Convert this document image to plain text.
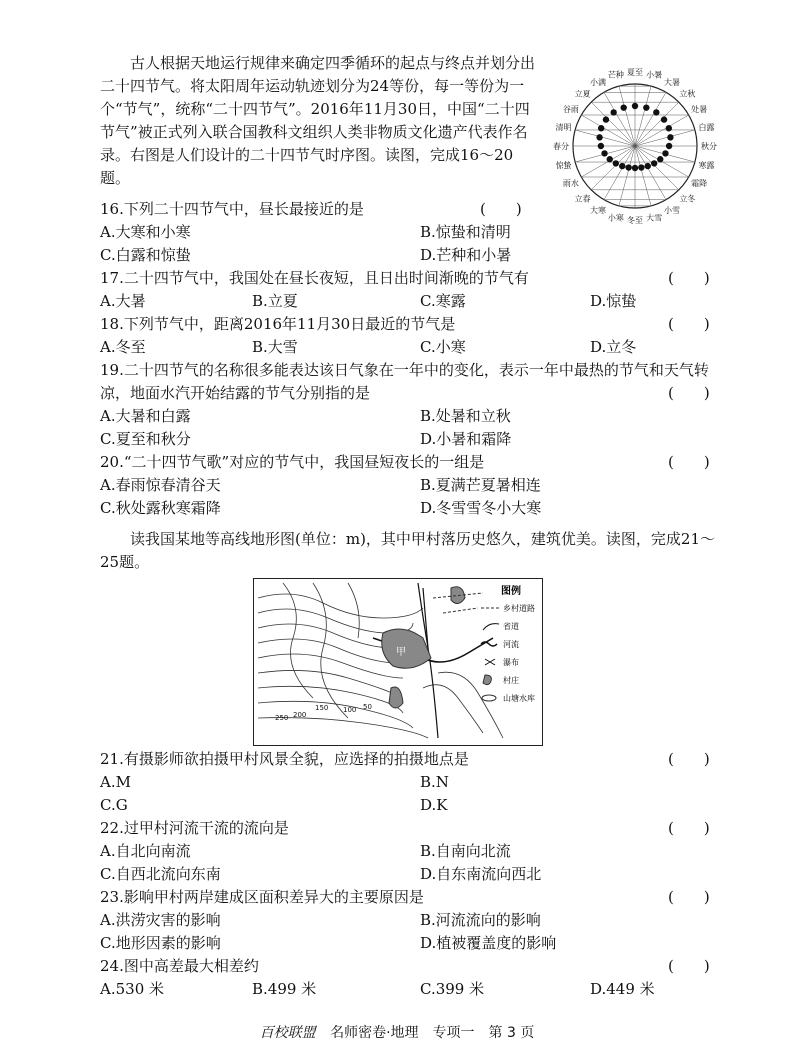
古人根据天地运行规律来确定四季循环的起点与终点并划分出二十四节气。将太阳周年运动轨迹划分为24等份，每一等份为一个“节气”，统称“二十四节气”。2016年11月30日，中国“二十四节气”被正式列入联合国教科文组织人类非物质文化遗产代表作名录。右图是人们设计的二十四节气时序图。读图，完成16～20题。
夏至 小暑
大暑
立秋
处暑
白露
秋分
寒露
霜降
立冬
小雪
大雪
冬至
小寒
大寒
立春
雨水
惊蛰
春分
清明
谷雨
立夏
小满
芒种
16.下列二十四节气中，昼长最接近的是	(　　)
A.大寒和小寒	B.惊蛰和清明
C.白露和惊蛰	D.芒种和小暑
17.二十四节气中，我国处在昼长夜短，且日出时间渐晚的节气有	(　　)
A.大暑	B.立夏	C.寒露	D.惊蛰
18.下列节气中，距离2016年11月30日最近的节气是	(　　)
A.冬至	B.大雪	C.小寒	D.立冬
19.二十四节气的名称很多能表达该日气象在一年中的变化，表示一年中最热的节气和天气转
(　　)
凉，地面水汽开始结露的节气分别指的是
A.大暑和白露	B.处暑和立秋
C.夏至和秋分	D.小暑和霜降
20.“二十四节气歌”对应的节气中，我国昼短夜长的一组是	(　　)
A.春雨惊春清谷天	B.夏满芒夏暑相连
C.秋处露秋寒霜降	D.冬雪雪冬小大寒
读我国某地等高线地形图(单位：m)，其中甲村落历史悠久，建筑优美。读图，完成21～
25题。
甲
250 200
150 100 50
图例
乡村道路
省道
河流
瀑布
村庄
山塘水库
21.有摄影师欲拍摄甲村风景全貌，应选择的拍摄地点是	(　　)
A.M	B.N
C.G	D.K
22.过甲村河流干流的流向是	(　　)
A.自北向南流	B.自南向北流
C.自西北流向东南	D.自东南流向西北
23.影响甲村两岸建成区面积差异大的主要原因是	(　　)
A.洪涝灾害的影响	B.河流流向的影响
C.地形因素的影响	D.植被覆盖度的影响
24.图中高差最大相差约	(　　)
A.530 米	B.499 米	C.399 米	D.449 米
百校联盟 名师密卷·地理　专项一　第 3 页
